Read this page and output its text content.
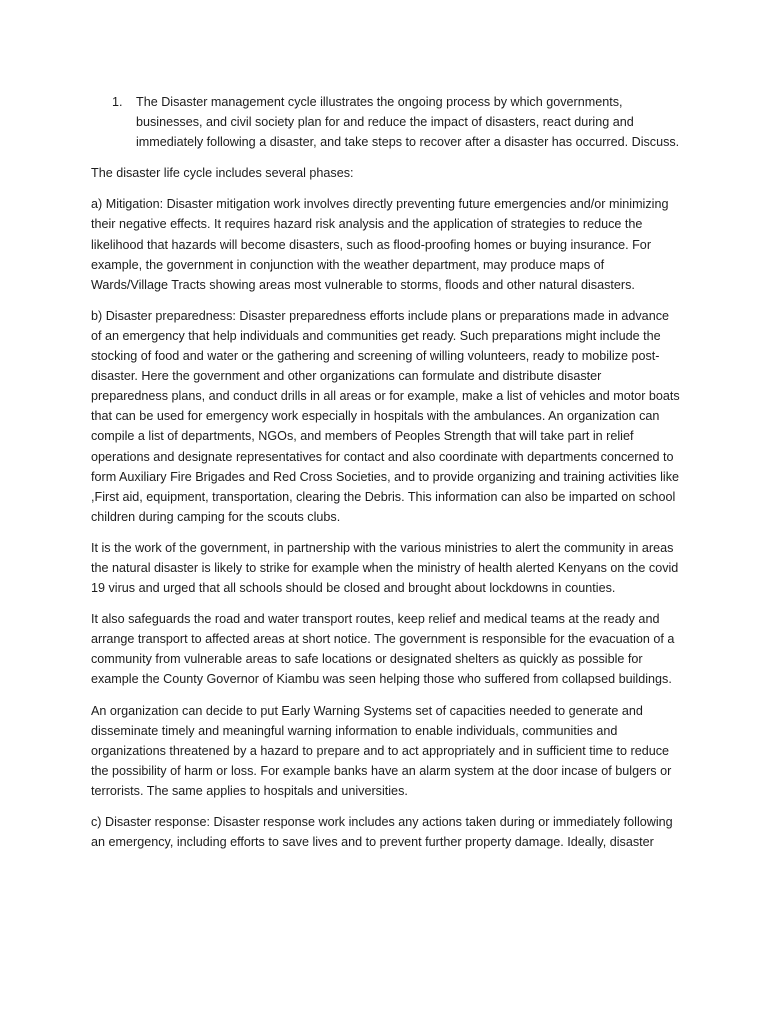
1.	The Disaster management cycle illustrates the ongoing process by which governments, businesses, and civil society plan for and reduce the impact of disasters, react during and immediately following a disaster, and take steps to recover after a disaster has occurred. Discuss.

The disaster life cycle includes several phases:

a) Mitigation: Disaster mitigation work involves directly preventing future emergencies and/or minimizing their negative effects. It requires hazard risk analysis and the application of strategies to reduce the likelihood that hazards will become disasters, such as flood-proofing homes or buying insurance. For example, the government in conjunction with the weather department, may produce maps of Wards/Village Tracts showing areas most vulnerable to storms, floods and other natural disasters.

b) Disaster preparedness: Disaster preparedness efforts include plans or preparations made in advance of an emergency that help individuals and communities get ready. Such preparations might include the stocking of food and water or the gathering and screening of willing volunteers, ready to mobilize post-disaster. Here the government and other organizations can formulate and distribute disaster preparedness plans, and conduct drills in all areas or for example, make a list of vehicles and motor boats that can be used for emergency work especially in hospitals with the ambulances. An organization can compile a list of departments, NGOs, and members of Peoples Strength that will take part in relief operations and designate representatives for contact and also coordinate with departments concerned to form Auxiliary Fire Brigades and Red Cross Societies, and to provide organizing and training activities like ,First aid, equipment, transportation, clearing the Debris. This information can also be imparted on school children during camping for the scouts clubs.

It is the work of the government, in partnership with the various ministries to alert the community in areas the natural disaster is likely to strike for example when the ministry of health alerted Kenyans on the covid 19 virus and urged that all schools should be closed and brought about lockdowns in counties.

It also safeguards the road and water transport routes, keep relief and medical teams at the ready and arrange transport to affected areas at short notice. The government is responsible for the evacuation of a community from vulnerable areas to safe locations or designated shelters as quickly as possible for example the County Governor of Kiambu was seen helping those who suffered from collapsed buildings.

An organization can decide to put Early Warning Systems set of capacities needed to generate and disseminate timely and meaningful warning information to enable individuals, communities and organizations threatened by a hazard to prepare and to act appropriately and in sufficient time to reduce the possibility of harm or loss. For example banks have an alarm system at the door incase of bulgers or terrorists. The same applies to hospitals and universities.

c) Disaster response: Disaster response work includes any actions taken during or immediately following an emergency, including efforts to save lives and to prevent further property damage. Ideally, disaster
